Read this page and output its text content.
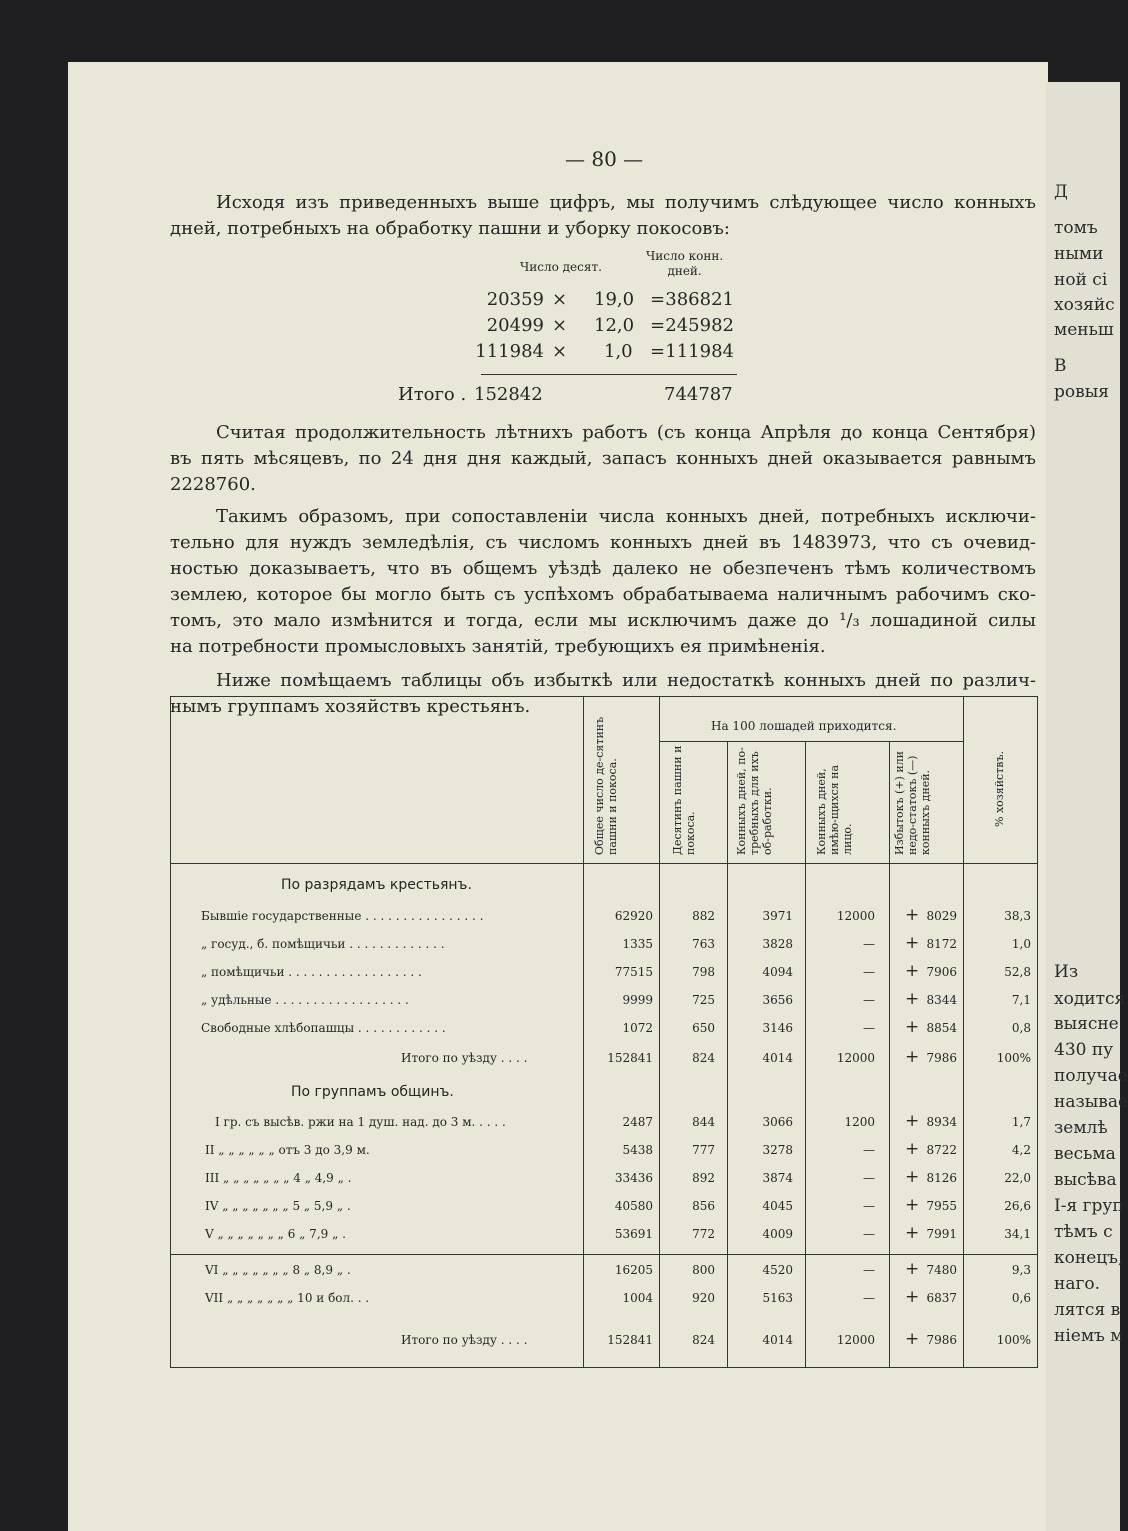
Д
томъ
ными
ной сі
хозяйс
меньш
В
ровыя
Из
ходится
выясне
430 пу
получае
называе
землѣ
весьма
высѣва
І-я груп
тѣмъ с
конецъ,
наго.
лятся в
ніемъ м
— 80 —
Исходя изъ приведенныхъ выше цифръ, мы получимъ слѣдующее число конныхъ
дней, потребныхъ на обработку пашни и уборку покосовъ:
Число десят.
Число конн.
дней.
20359 × 19,0 = 386821
20499 × 12,0 = 245982
111984 × 1,0 = 111984
Итого . 152842	744787
Считая продолжительность лѣтнихъ работъ (съ конца Апрѣля до конца Сентября)
въ пять мѣсяцевъ, по 24 дня дня каждый, запасъ конныхъ дней оказывается равнымъ
2228760.
Такимъ образомъ, при сопоставленіи числа конныхъ дней, потребныхъ исключи-
тельно для нуждъ земледѣлія, съ числомъ конныхъ дней въ 1483973, что съ очевид-
ностью доказываетъ, что въ общемъ уѣздѣ далеко не обезпеченъ тѣмъ количествомъ
землею, которое бы могло быть съ успѣхомъ обрабатываема наличнымъ рабочимъ ско-
томъ, это мало измѣнится и тогда, если мы исключимъ даже до ¹/₃ лошадиной силы
на потребности промысловыхъ занятій, требующихъ ея примѣненія.
Ниже помѣщаемъ таблицы объ избыткѣ или недостаткѣ конныхъ дней по различ-
нымъ группамъ хозяйствъ крестьянъ.
На 100 лошадей приходится.
Общее число де-сятинъ пашни и покоса.	Десятинъ пашни и покоса.	Конныхъ дней, по-требныхъ для ихъ об-работки.	Конныхъ дней, имѣю-щихся на лицо.	Избытокъ (+) или недо-статокъ (—) конныхъ дней.	% хозяйствъ.
По разрядамъ крестьянъ.
Бывшіе государственные . . . . . . . . . . . . . . . .	62920	882	3971	12000 + 8029	38,3
„ госуд., б. помѣщичьи . . . . . . . . . . . . .	1335	763	3828	— + 8172	1,0
„ помѣщичьи . . . . . . . . . . . . . . . . . .	77515	798	4094	— + 7906	52,8
„ удѣльные . . . . . . . . . . . . . . . . . .	9999	725	3656	— + 8344	7,1
Свободные хлѣбопашцы . . . . . . . . . . . .	1072	650	3146	— + 8854	0,8
Итого по уѣзду . . . .	152841	824	4014	12000 + 7986	100%
По группамъ общинъ.
I гр. съ высѣв. ржи на 1 душ. над. до 3 м. . . . .	2487	844	3066	1200 + 8934	1,7
II „ „ „ „ „ „ отъ 3 до 3,9 м.	5438	777	3278	— + 8722	4,2
III „ „ „ „ „ „ „ 4 „ 4,9 „ .	33436	892	3874	— + 8126	22,0
IV „ „ „ „ „ „ „ 5 „ 5,9 „ .	40580	856	4045	— + 7955	26,6
V „ „ „ „ „ „ „ 6 „ 7,9 „ .	53691	772	4009	— + 7991	34,1
VI „ „ „ „ „ „ „ 8 „ 8,9 „ .	16205	800	4520	— + 7480	9,3
VII „ „ „ „ „ „ „ 10 и бол. . .	1004	920	5163	— + 6837	0,6
Итого по уѣзду . . . .	152841	824	4014	12000 + 7986	100%
